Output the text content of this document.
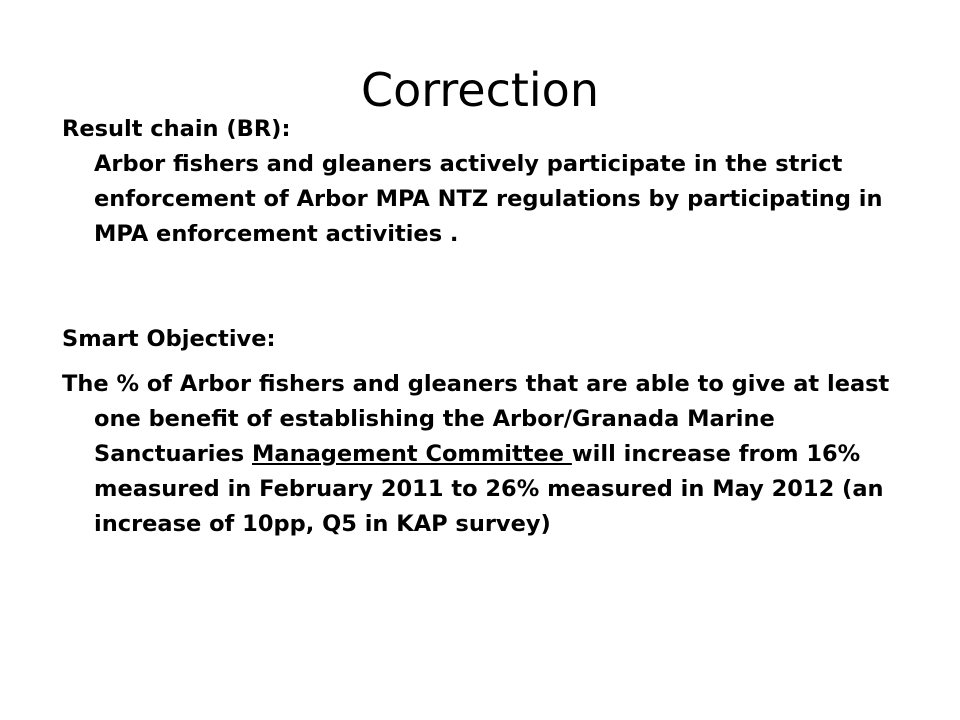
Correction

Result chain (BR):

Arbor fishers and gleaners actively participate in the strict enforcement of Arbor MPA NTZ regulations by participating in MPA enforcement activities .

Smart Objective:

The % of Arbor fishers and gleaners that are able to give at least one benefit of establishing the Arbor/Granada Marine Sanctuaries Management Committee will increase from 16% measured in February 2011 to 26% measured in May 2012 (an increase of 10pp, Q5 in KAP survey)
